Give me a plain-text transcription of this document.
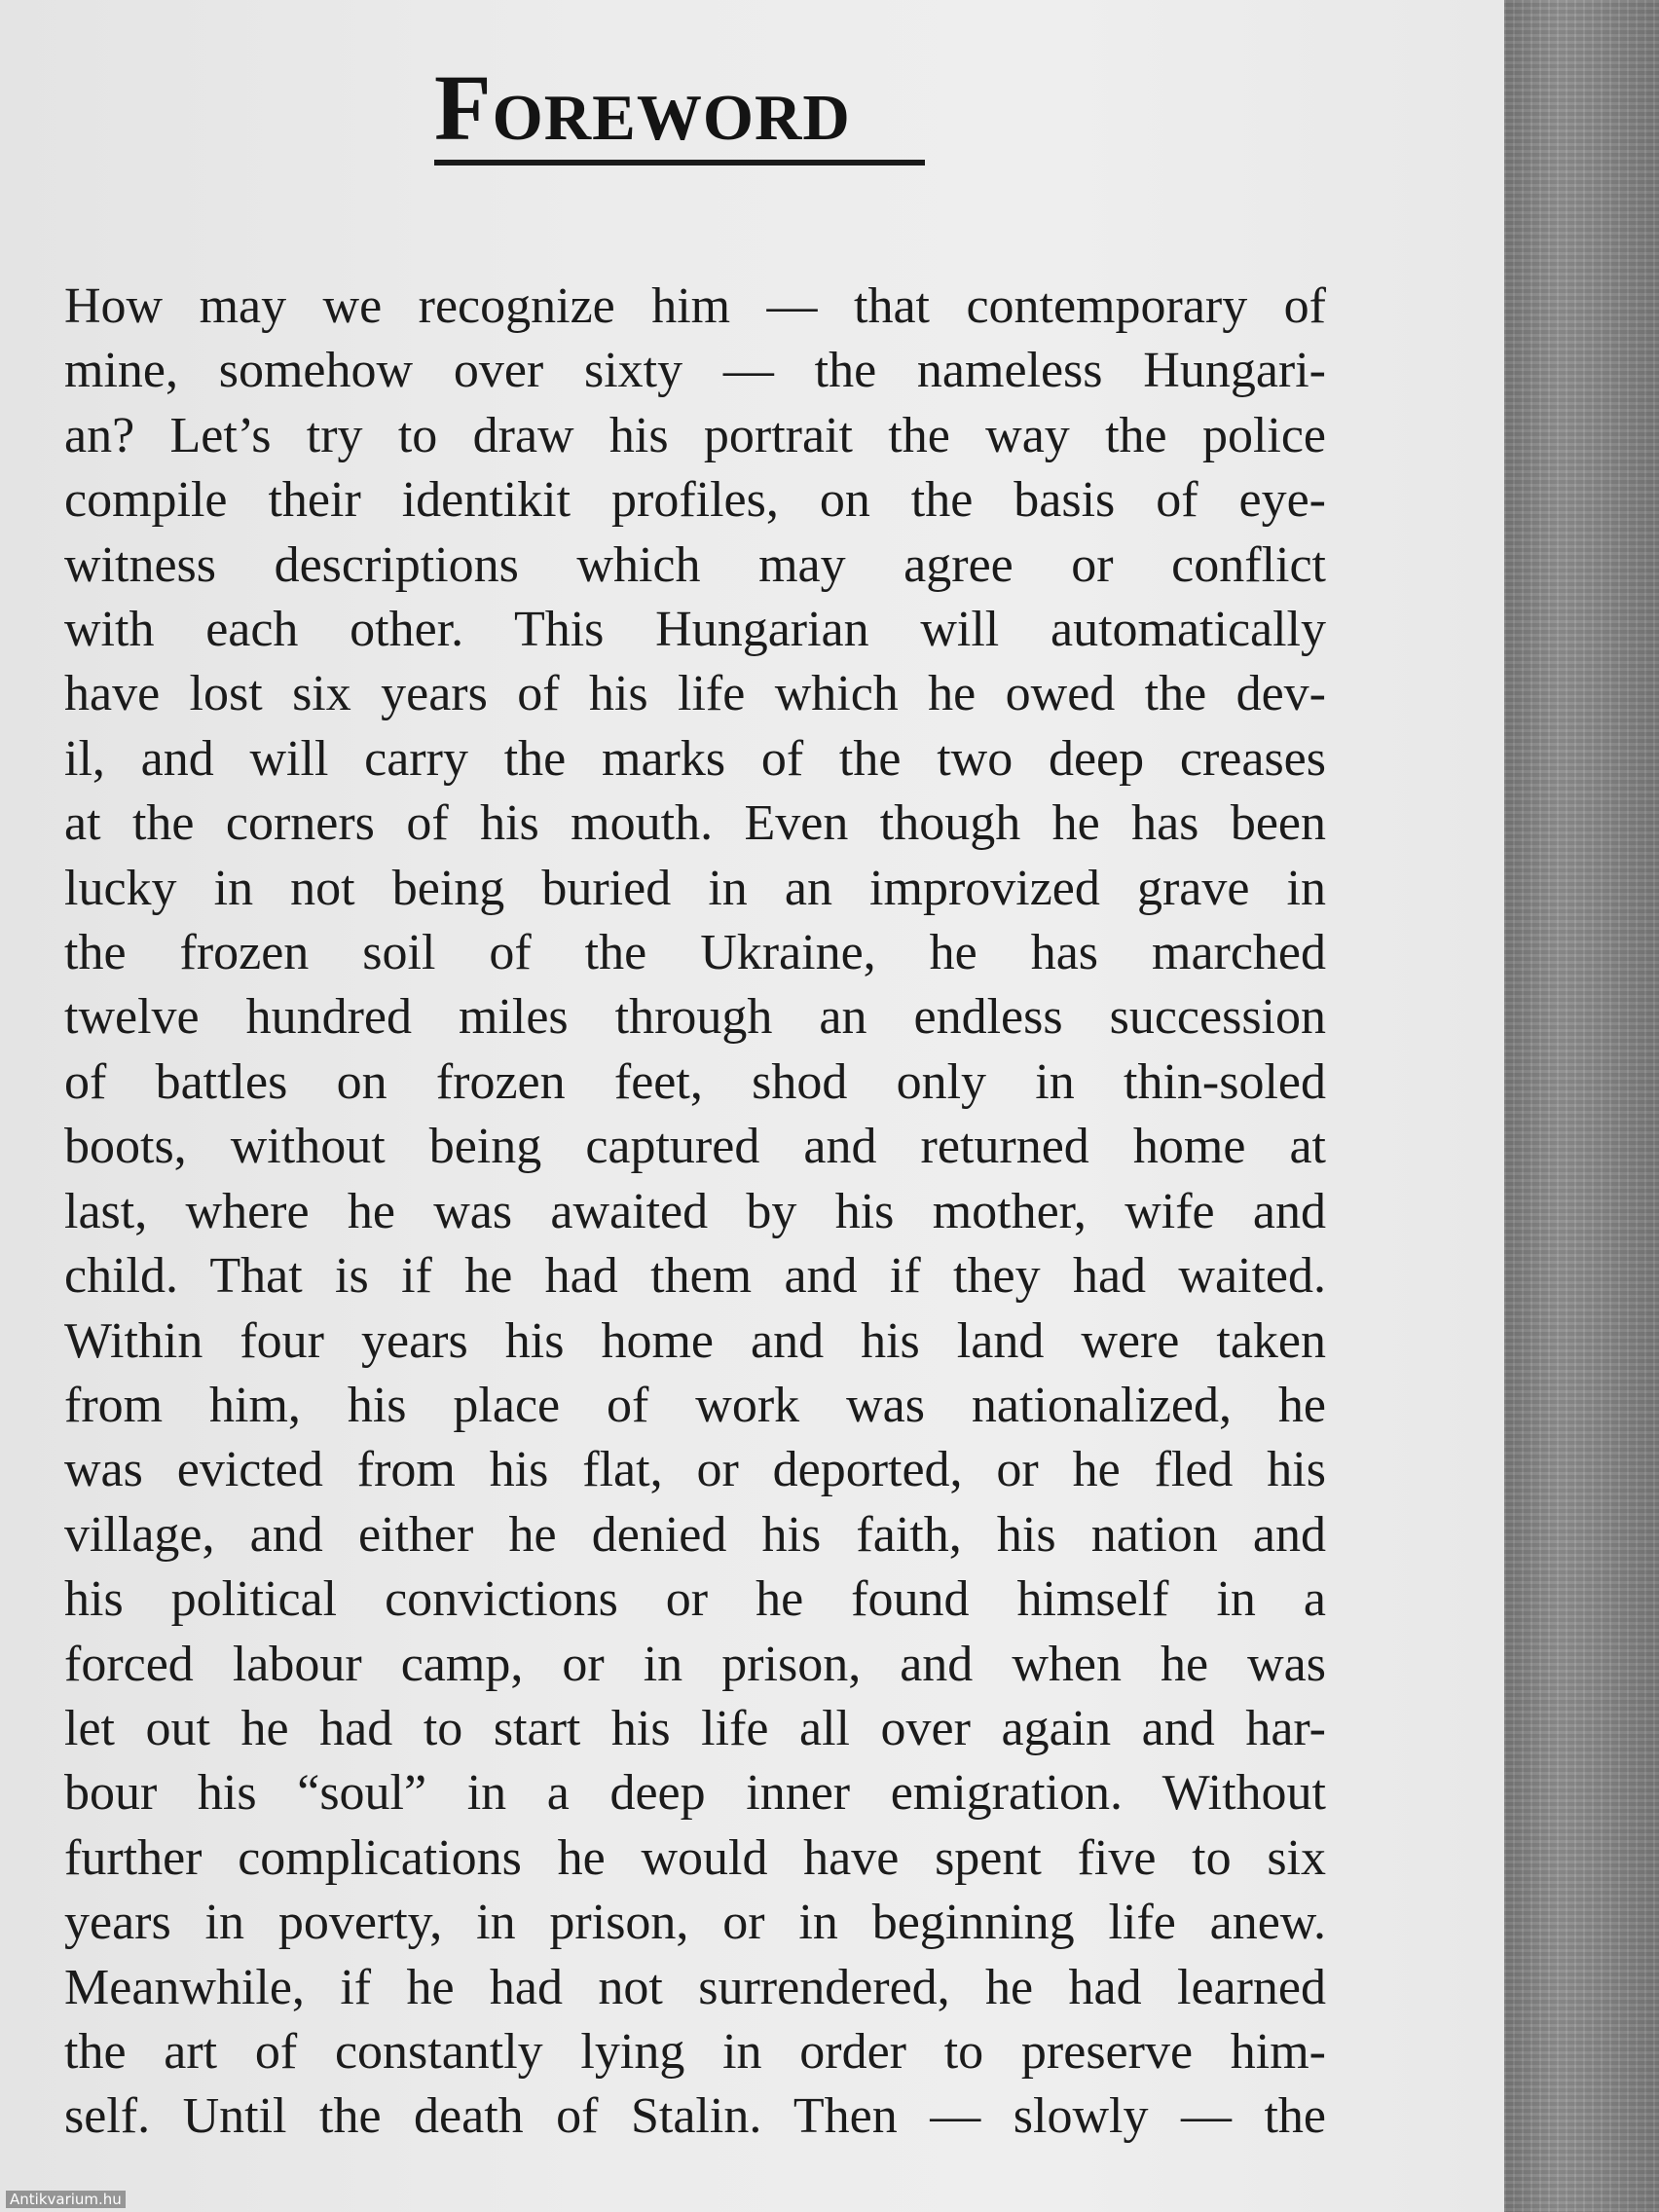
Foreword
How may we recognize him — that contemporary of
mine, somehow over sixty — the nameless Hungari-
an? Let’s try to draw his portrait the way the police
compile their identikit profiles, on the basis of eye-
witness descriptions which may agree or conflict
with each other. This Hungarian will automatically
have lost six years of his life which he owed the dev-
il, and will carry the marks of the two deep creases
at the corners of his mouth. Even though he has been
lucky in not being buried in an improvized grave in
the frozen soil of the Ukraine, he has marched
twelve hundred miles through an endless succession
of battles on frozen feet, shod only in thin-soled
boots, without being captured and returned home at
last, where he was awaited by his mother, wife and
child. That is if he had them and if they had waited.
Within four years his home and his land were taken
from him, his place of work was nationalized, he
was evicted from his flat, or deported, or he fled his
village, and either he denied his faith, his nation and
his political convictions or he found himself in a
forced labour camp, or in prison, and when he was
let out he had to start his life all over again and har-
bour his “soul” in a deep inner emigration. Without
further complications he would have spent five to six
years in poverty, in prison, or in beginning life anew.
Meanwhile, if he had not surrendered, he had learned
the art of constantly lying in order to preserve him-
self. Until the death of Stalin. Then — slowly — the
Antikvarium.hu
